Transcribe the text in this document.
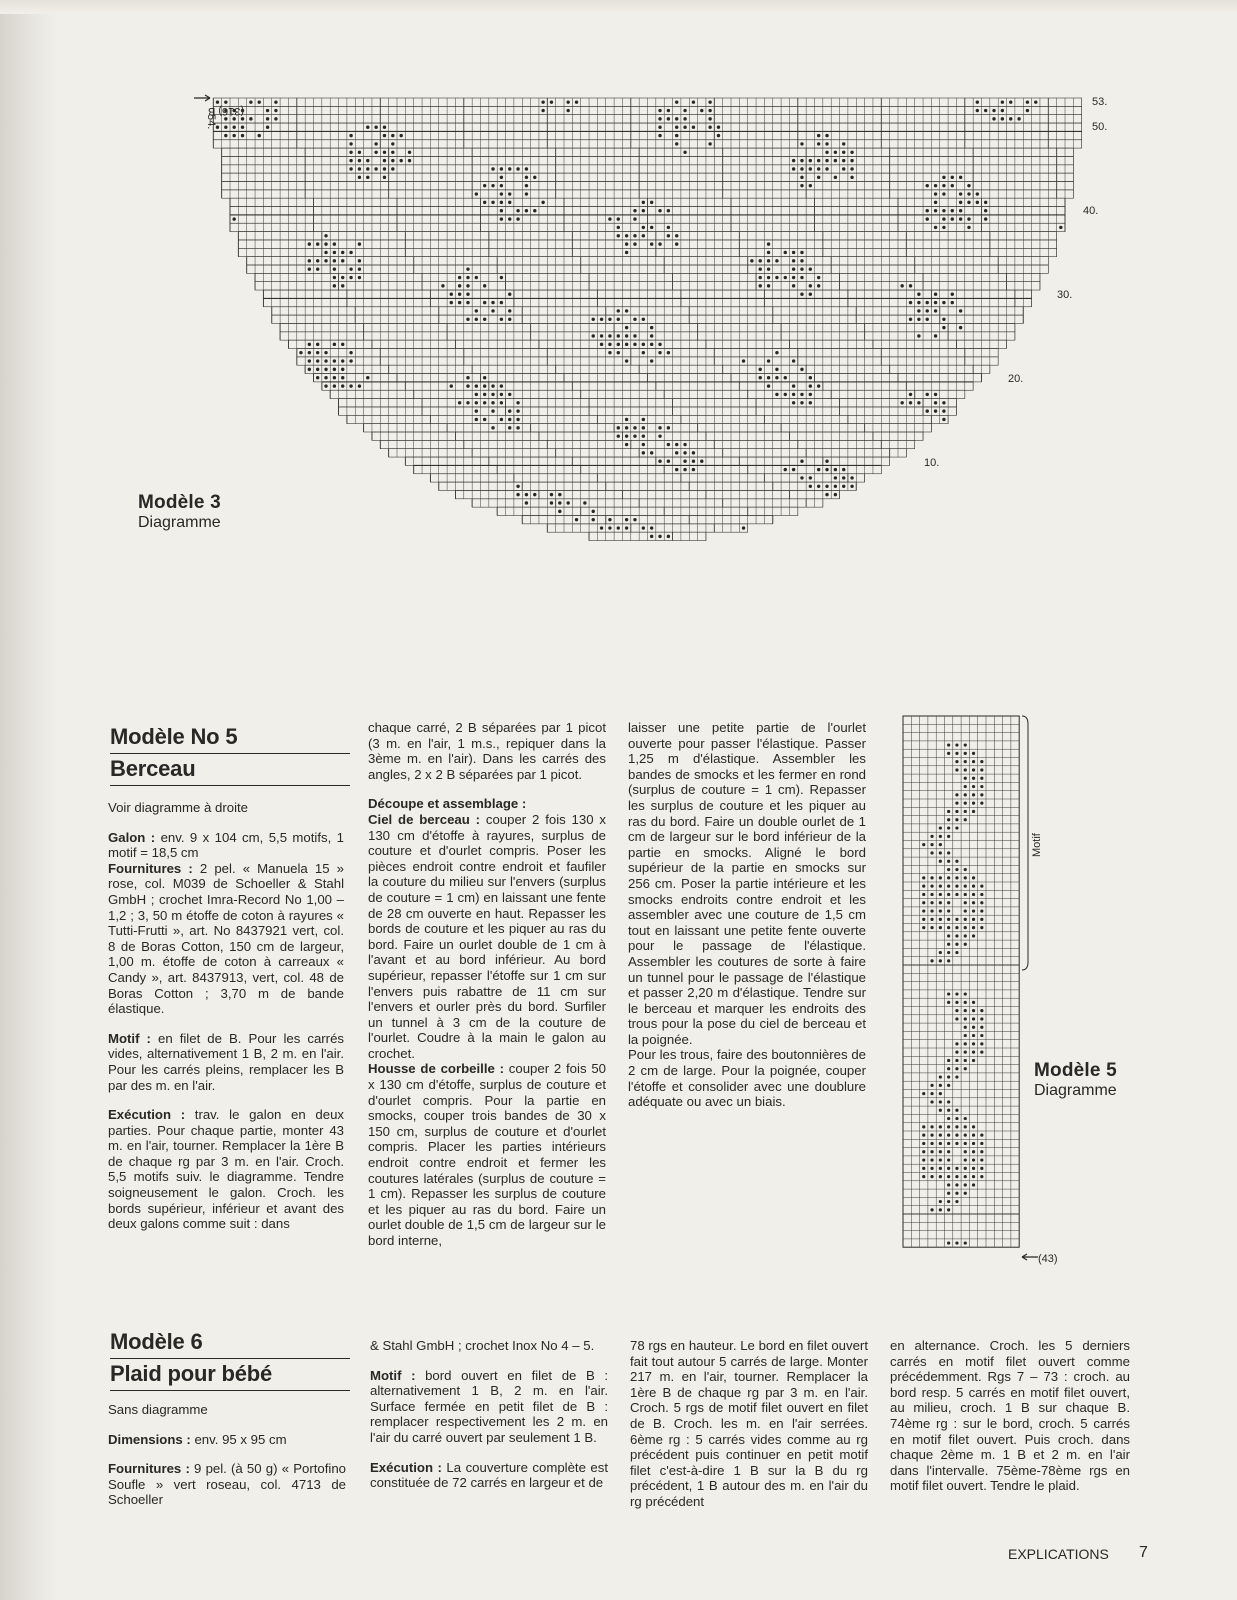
(316) B
54.
53.
50.
40.
30.
20.
10.
Modèle 3
Diagramme
Modèle No 5
Berceau

Voir diagramme à droite

Galon : env. 9 x 104 cm, 5,5 motifs, 1 motif = 18,5 cm
Fournitures : 2 pel. « Manuela 15 » rose, col. M039 de Schoeller & Stahl GmbH ; crochet Imra-Record No 1,00 – 1,2 ; 3, 50 m étoffe de coton à rayures « Tutti-Frutti », art. No 8437921 vert, col. 8 de Boras Cotton, 150 cm de largeur, 1,00 m. étoffe de coton à carreaux « Candy », art. 8437913, vert, col. 48 de Boras Cotton ; 3,70 m de bande élastique.

Motif : en filet de B. Pour les carrés vides, alternativement 1 B, 2 m. en l'air. Pour les carrés pleins, remplacer les B par des m. en l'air.

Exécution : trav. le galon en deux parties. Pour chaque partie, monter 43 m. en l'air, tourner. Remplacer la 1ère B de chaque rg par 3 m. en l'air. Croch. 5,5 motifs suiv. le diagramme. Tendre soigneusement le galon. Croch. les bords supérieur, inférieur et avant des deux galons comme suit : dans

chaque carré, 2 B séparées par 1 picot (3 m. en l'air, 1 m.s., repiquer dans la 3ème m. en l'air). Dans les carrés des angles, 2 x 2 B séparées par 1 picot.

Découpe et assemblage :
Ciel de berceau : couper 2 fois 130 x 130 cm d'étoffe à rayures, surplus de couture et d'ourlet compris. Poser les pièces endroit contre endroit et faufiler la couture du milieu sur l'envers (surplus de couture = 1 cm) en laissant une fente de 28 cm ouverte en haut. Repasser les bords de couture et les piquer au ras du bord. Faire un ourlet double de 1 cm à l'avant et au bord inférieur. Au bord supérieur, repasser l'étoffe sur 1 cm sur l'envers puis rabattre de 11 cm sur l'envers et ourler près du bord. Surfiler un tunnel à 3 cm de la couture de l'ourlet. Coudre à la main le galon au crochet.
Housse de corbeille : couper 2 fois 50 x 130 cm d'étoffe, surplus de couture et d'ourlet compris. Pour la partie en smocks, couper trois bandes de 30 x 150 cm, surplus de couture et d'ourlet compris. Placer les parties intérieurs endroit contre endroit et fermer les coutures latérales (surplus de couture = 1 cm). Repasser les surplus de couture et les piquer au ras du bord. Faire un ourlet double de 1,5 cm de largeur sur le bord interne,

laisser une petite partie de l'ourlet ouverte pour passer l'élastique. Passer 1,25 m d'élastique. Assembler les bandes de smocks et les fermer en rond (surplus de couture = 1 cm). Repasser les surplus de couture et les piquer au ras du bord. Faire un double ourlet de 1 cm de largeur sur le bord inférieur de la partie en smocks. Aligné le bord supérieur de la partie en smocks sur 256 cm. Poser la partie intérieure et les smocks endroits contre endroit et les assembler avec une couture de 1,5 cm tout en laissant une petite fente ouverte pour le passage de l'élastique. Assembler les coutures de sorte à faire un tunnel pour le passage de l'élastique et passer 2,20 m d'élastique. Tendre sur le berceau et marquer les endroits des trous pour la pose du ciel de berceau et la poignée.
Pour les trous, faire des boutonnières de 2 cm de large. Pour la poignée, couper l'étoffe et consolider avec une doublure adéquate ou avec un biais.

Motif
(43)
Modèle 5
Diagramme
Modèle 6
Plaid pour bébé

Sans diagramme

Dimensions : env. 95 x 95 cm

Fournitures : 9 pel. (à 50 g) « Portofino Soufle » vert roseau, col. 4713 de Schoeller

& Stahl GmbH ; crochet Inox No 4 – 5.

Motif : bord ouvert en filet de B : alternativement 1 B, 2 m. en l'air. Surface fermée en petit filet de B : remplacer respectivement les 2 m. en l'air du carré ouvert par seulement 1 B.

Exécution : La couverture complète est constituée de 72 carrés en largeur et de

78 rgs en hauteur. Le bord en filet ouvert fait tout autour 5 carrés de large. Monter 217 m. en l'air, tourner. Remplacer la 1ère B de chaque rg par 3 m. en l'air. Croch. 5 rgs de motif filet ouvert en filet de B. Croch. les m. en l'air serrées. 6ème rg : 5 carrés vides comme au rg précédent puis continuer en petit motif filet c'est-à-dire 1 B sur la B du rg précédent, 1 B autour des m. en l'air du rg précédent

en alternance. Croch. les 5 derniers carrés en motif filet ouvert comme précédemment. Rgs 7 – 73 : croch. au bord resp. 5 carrés en motif filet ouvert, au milieu, croch. 1 B sur chaque B. 74ème rg : sur le bord, croch. 5 carrés en motif filet ouvert. Puis croch. dans chaque 2ème m. 1 B et 2 m. en l'air dans l'intervalle. 75ème-78ème rgs en motif filet ouvert. Tendre le plaid.

EXPLICATIONS 7
